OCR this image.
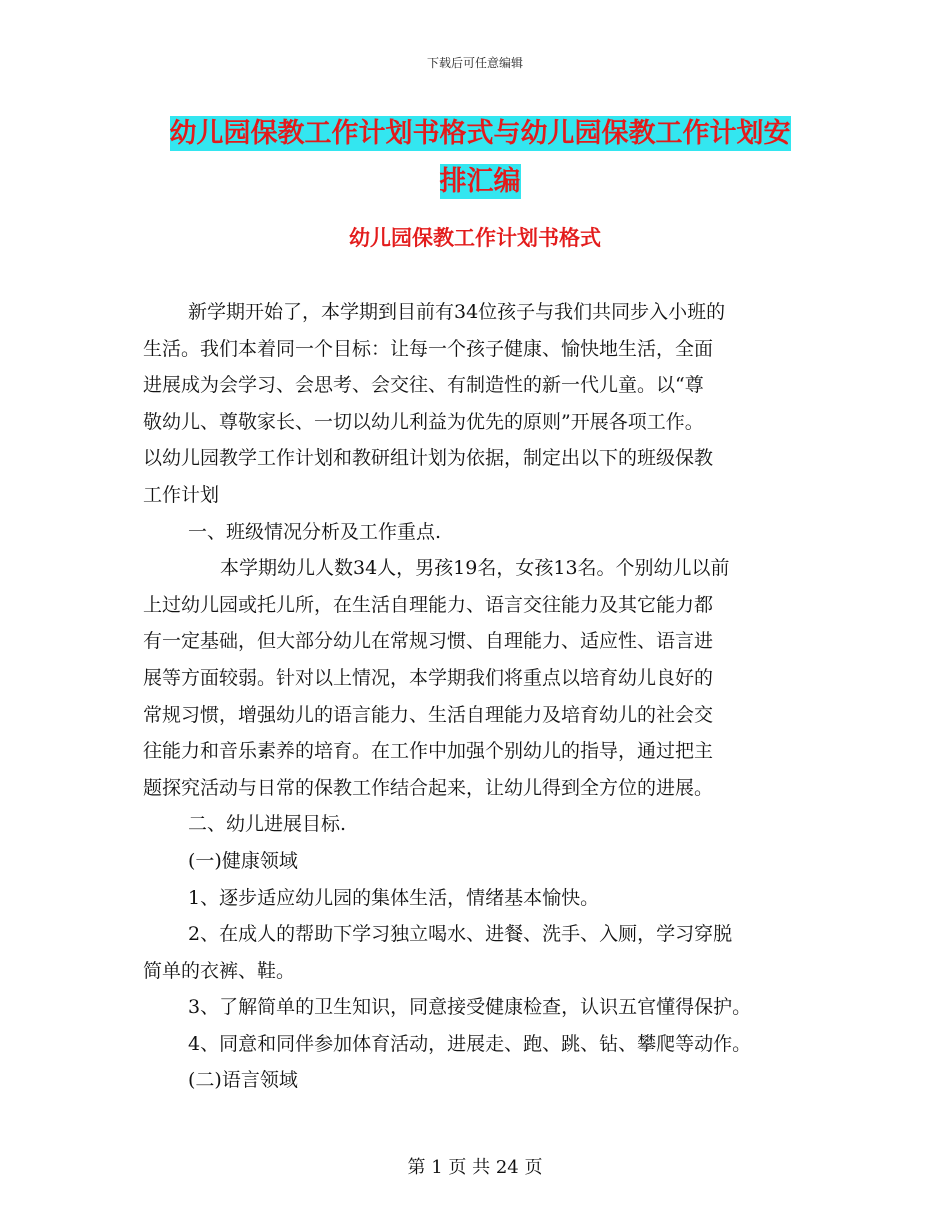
下载后可任意编辑
幼儿园保教工作计划书格式与幼儿园保教工作计划安
排汇编
幼儿园保教工作计划书格式
新学期开始了，本学期到目前有34位孩子与我们共同步入小班的
生活。我们本着同一个目标：让每一个孩子健康、愉快地生活，全面
进展成为会学习、会思考、会交往、有制造性的新一代儿童。以“尊
敬幼儿、尊敬家长、一切以幼儿利益为优先的原则”开展各项工作。
以幼儿园教学工作计划和教研组计划为依据，制定出以下的班级保教
工作计划
一、班级情况分析及工作重点.
本学期幼儿人数34人，男孩19名，女孩13名。个别幼儿以前
上过幼儿园或托儿所，在生活自理能力、语言交往能力及其它能力都
有一定基础，但大部分幼儿在常规习惯、自理能力、适应性、语言进
展等方面较弱。针对以上情况，本学期我们将重点以培育幼儿良好的
常规习惯，增强幼儿的语言能力、生活自理能力及培育幼儿的社会交
往能力和音乐素养的培育。在工作中加强个别幼儿的指导，通过把主
题探究活动与日常的保教工作结合起来，让幼儿得到全方位的进展。
二、幼儿进展目标.
(一)健康领域
1、逐步适应幼儿园的集体生活，情绪基本愉快。
2、在成人的帮助下学习独立喝水、进餐、洗手、入厕，学习穿脱
简单的衣裤、鞋。
3、了解简单的卫生知识，同意接受健康检查，认识五官懂得保护。
4、同意和同伴参加体育活动，进展走、跑、跳、钻、攀爬等动作。
(二)语言领域
第 1 页 共 24 页
